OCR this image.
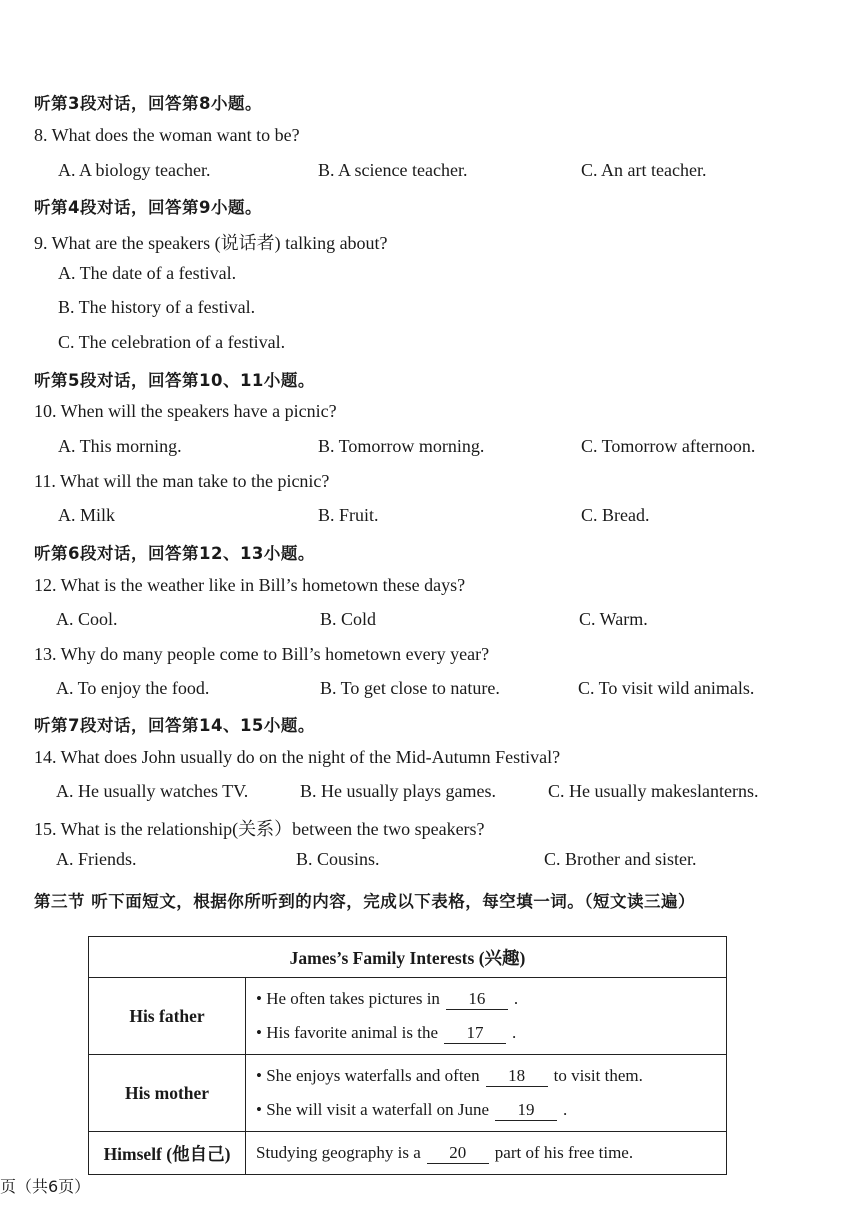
听第3段对话，回答第8小题。
8. What does the woman want to be?
A. A biology teacher.	B. A science teacher.	C. An art teacher.
听第4段对话，回答第9小题。
9. What are the speakers (说话者) talking about?
A. The date of a festival.
B. The history of a festival.
C. The celebration of a festival.
听第5段对话，回答第10、11小题。
10. When will the speakers have a picnic?
A. This morning.	B. Tomorrow morning.	C. Tomorrow afternoon.
11. What will the man take to the picnic?
A. Milk	B. Fruit.	C. Bread.
听第6段对话，回答第12、13小题。
12. What is the weather like in Bill’s hometown these days?
A. Cool.	B. Cold	C. Warm.
13. Why do many people come to Bill’s hometown every year?
A. To enjoy the food.	B. To get close to nature.	C. To visit wild animals.
听第7段对话，回答第14、15小题。
14. What does John usually do on the night of the Mid-Autumn Festival?
A. He usually watches TV.	B. He usually plays games.	C. He usually makeslanterns.
15. What is the relationship(关系）between the two speakers?
A. Friends.	B. Cousins.	C. Brother and sister.
第三节 听下面短文，根据你所听到的内容，完成以下表格，每空填一词。（短文读三遍）
James’s Family Interests (兴趣)	
His father	• He often takes pictures in 16 .
• His favorite animal is the 17 .

His mother	• She enjoys waterfalls and often 18 to visit them.
• She will visit a waterfall on June 19 .

Himself (他自己)	Studying geography is a 20 part of his free time.
页（共6页）
